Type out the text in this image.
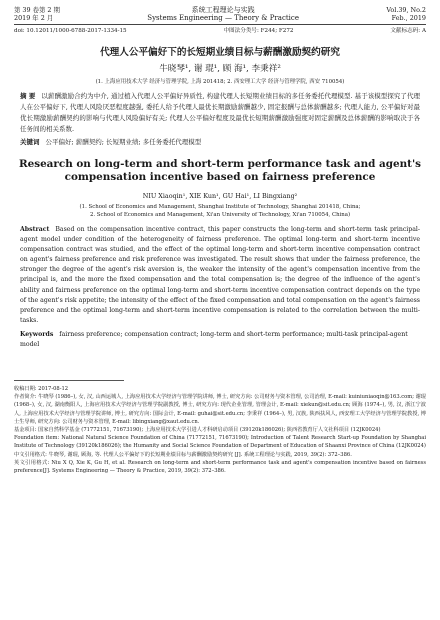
第 39 卷第 2 期
2019 年 2 月
系统工程理论与实践
Systems Engineering — Theory & Practice
Vol.39, No.2
Feb., 2019
doi: 10.12011/1000-6788-2017-1334-15	中图法分类号: F244; F272	文献标志码: A
代理人公平偏好下的长短期业绩目标与薪酬激励契约研究
牛晓琴¹, 谢 琨¹, 顾 海¹, 李秉祥²
(1. 上海应用技术大学 经济与管理学院, 上海 201418; 2. 西安理工大学 经济与管理学院, 西安 710054)
摘 要 以薪酬激励合约为中介, 通过植入代理人公平偏好异质性, 构建代理人长短期业绩目标的多任务委托代理模型. 基于该模型探究了代理人在公平偏好下, 代理人风险厌恶程度越强, 委托人给予代理人最优长期激励薪酬越少, 固定报酬与总体薪酬越多; 代理人能力, 公平偏好对最优长期激励薪酬契约的影响与代理人风险偏好有关; 代理人公平偏好程度及最优长短期薪酬激励强度对固定薪酬及总体薪酬的影响取决于各任务间的相关系数.
关键词 公平偏好; 薪酬契约; 长短期业绩; 多任务委托代理模型
Research on long-term and short-term performance task and agent's compensation incentive based on fairness preference
NIU Xiaoqin¹, XIE Kun¹, GU Hai¹, LI Bingxiang²
(1. School of Economics and Management, Shanghai Institute of Technology, Shanghai 201418, China;
2. School of Economics and Management, Xi'an University of Technology, Xi'an 710054, China)
Abstract Based on the compensation incentive contract, this paper constructs the long-term and short-term task principal-agent model under condition of the heterogeneity of fairness preference. The optimal long-term and short-term incentive compensation contract was studied, and the effect of the optimal long-term and short-term incentive compensation contract on agent's fairness preference and risk preference was investigated. The result shows that under the fairness preference, the stronger the degree of the agent's risk aversion is, the weaker the intensity of the agent's compensation incentive from the principal is, and the more the fixed compensation and the total compensation is; the degree of the influence of the agent's ability and fairness preference on the optimal long-term and short-term incentive compensation contract depends on the type of the agent's risk appetite; the intensity of the effect of the fixed compensation and total compensation on the agent's fairness preference and the optimal long-term and short-term incentive compensation is related to the correlation between the multi-tasks.
Keywords fairness preference; compensation contract; long-term and short-term performance; multi-task principal-agent model
收稿日期: 2017-08-12
作者简介: 牛晓琴 (1986–), 女, 汉, 山西运城人, 上海应用技术大学经济与管理学院讲师, 博士, 研究方向: 公司财务与资本管理, 公司治理, E-mail: kuiniuniaoqin@163.com; 谢琨 (1968–), 女, 汉, 湖南衡阳人, 上海应用技术大学经济与管理学院副教授, 博士, 研究方向: 现代企业管理, 管理会计, E-mail: xiekun@sit.edu.cn; 顾海 (1974–), 男, 汉, 浙江宁波人, 上海应用技术大学经济与管理学院讲师, 博士, 研究方向: 国际会计, E-mail: guhai@sit.edu.cn; 李秉祥 (1964–), 男, 汉族, 陕西扶风人, 西安理工大学经济与管理学院教授, 博士生导师, 研究方向: 公司财务与资本管理, E-mail: libingxiang@xaut.edu.cn.
基金项目: 国家自然科学基金 (71772151, 71673190); 上海应用技术大学引进人才科研启动项目 (39120k186026); 陕西省教育厅人文社科项目 (12JK0024)
Foundation item: National Natural Science Foundation of China (71772151, 71673190); Introduction of Talent Research Start-up Foundation by Shanghai Institute of Technology (39120k186026); the Humanity and Social Science Foundation of Department of Education of Shaanxi Province of China (12JK0024)
中文引用格式: 牛晓琴, 谢琨, 顾海, 等. 代理人公平偏好下的长短期业绩目标与薪酬激励契约研究 [J]. 系统工程理论与实践, 2019, 39(2): 372–386.
英文引用格式: Niu X Q, Xie K, Gu H, et al. Research on long-term and short-term performance task and agent's compensation incentive based on fairness preference[J]. Systems Engineering — Theory & Practice, 2019, 39(2): 372–386.
